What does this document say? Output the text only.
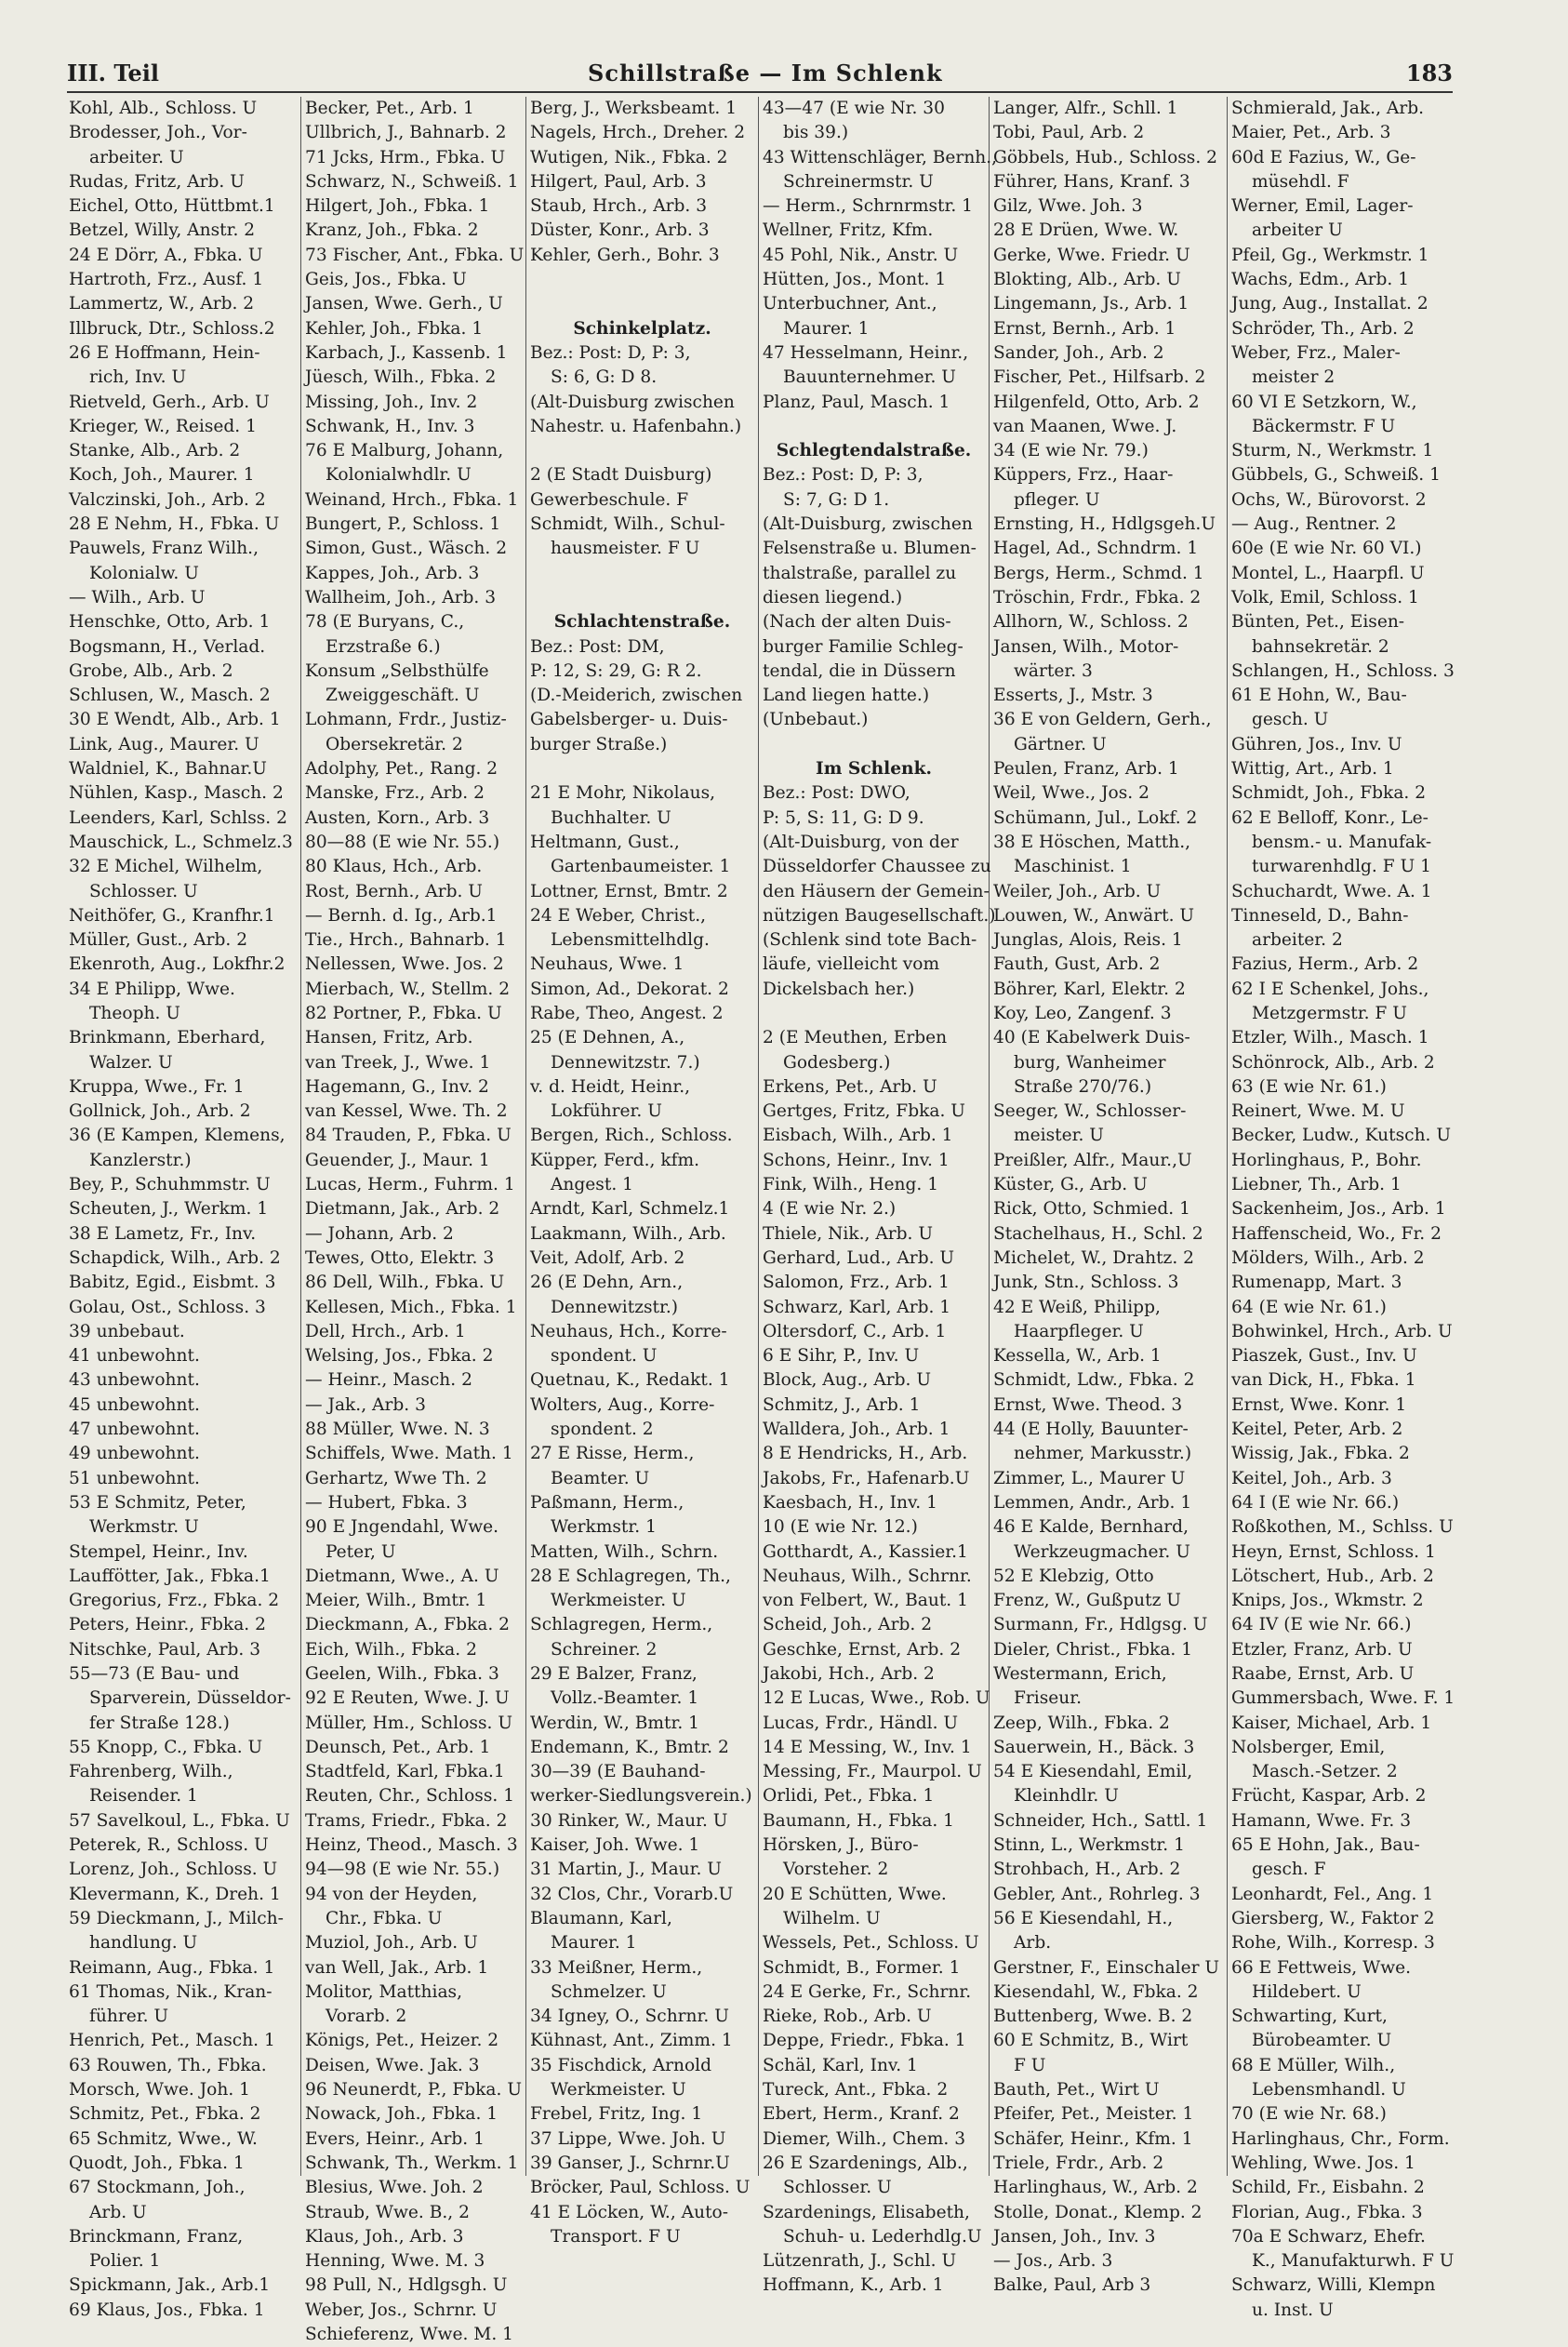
III. Teil	Schillstraße — Im Schlenk	183
Kohl, Alb., Schloss. U
Brodesser, Joh., Vor-
arbeiter. U
Rudas, Fritz, Arb. U
Eichel, Otto, Hüttbmt.1
Betzel, Willy, Anstr. 2
24 E Dörr, A., Fbka. U
Hartroth, Frz., Ausf. 1
Lammertz, W., Arb. 2
Illbruck, Dtr., Schloss.2
26 E Hoffmann, Hein-
rich, Inv. U
Rietveld, Gerh., Arb. U
Krieger, W., Reised. 1
Stanke, Alb., Arb. 2
Koch, Joh., Maurer. 1
Valczinski, Joh., Arb. 2
28 E Nehm, H., Fbka. U
Pauwels, Franz Wilh.,
Kolonialw. U
— Wilh., Arb. U
Henschke, Otto, Arb. 1
Bogsmann, H., Verlad.
Grobe, Alb., Arb. 2
Schlusen, W., Masch. 2
30 E Wendt, Alb., Arb. 1
Link, Aug., Maurer. U
Waldniel, K., Bahnar.U
Nühlen, Kasp., Masch. 2
Leenders, Karl, Schlss. 2
Mauschick, L., Schmelz.3
32 E Michel, Wilhelm,
Schlosser. U
Neithöfer, G., Kranfhr.1
Müller, Gust., Arb. 2
Ekenroth, Aug., Lokfhr.2
34 E Philipp, Wwe.
Theoph. U
Brinkmann, Eberhard,
Walzer. U
Kruppa, Wwe., Fr. 1
Gollnick, Joh., Arb. 2
36 (E Kampen, Klemens,
Kanzlerstr.)
Bey, P., Schuhmmstr. U
Scheuten, J., Werkm. 1
38 E Lametz, Fr., Inv.
Schapdick, Wilh., Arb. 2
Babitz, Egid., Eisbmt. 3
Golau, Ost., Schloss. 3
39 unbebaut.
41 unbewohnt.
43 unbewohnt.
45 unbewohnt.
47 unbewohnt.
49 unbewohnt.
51 unbewohnt.
53 E Schmitz, Peter,
Werkmstr. U
Stempel, Heinr., Inv.
Lauffötter, Jak., Fbka.1
Gregorius, Frz., Fbka. 2
Peters, Heinr., Fbka. 2
Nitschke, Paul, Arb. 3
55—73 (E Bau- und
Sparverein, Düsseldor-
fer Straße 128.)
55 Knopp, C., Fbka. U
Fahrenberg, Wilh.,
Reisender. 1
57 Savelkoul, L., Fbka. U
Peterek, R., Schloss. U
Lorenz, Joh., Schloss. U
Klevermann, K., Dreh. 1
59 Dieckmann, J., Milch-
handlung. U
Reimann, Aug., Fbka. 1
61 Thomas, Nik., Kran-
führer. U
Henrich, Pet., Masch. 1
63 Rouwen, Th., Fbka.
Morsch, Wwe. Joh. 1
Schmitz, Pet., Fbka. 2
65 Schmitz, Wwe., W.
Quodt, Joh., Fbka. 1
67 Stockmann, Joh.,
Arb. U
Brinckmann, Franz,
Polier. 1
Spickmann, Jak., Arb.1
69 Klaus, Jos., Fbka. 1
Becker, Pet., Arb. 1
Ullbrich, J., Bahnarb. 2
71 Jcks, Hrm., Fbka. U
Schwarz, N., Schweiß. 1
Hilgert, Joh., Fbka. 1
Kranz, Joh., Fbka. 2
73 Fischer, Ant., Fbka. U
Geis, Jos., Fbka. U
Jansen, Wwe. Gerh., U
Kehler, Joh., Fbka. 1
Karbach, J., Kassenb. 1
Jüesch, Wilh., Fbka. 2
Missing, Joh., Inv. 2
Schwank, H., Inv. 3
76 E Malburg, Johann,
Kolonialwhdlr. U
Weinand, Hrch., Fbka. 1
Bungert, P., Schloss. 1
Simon, Gust., Wäsch. 2
Kappes, Joh., Arb. 3
Wallheim, Joh., Arb. 3
78 (E Buryans, C.,
Erzstraße 6.)
Konsum „Selbsthülfe
Zweiggeschäft. U
Lohmann, Frdr., Justiz-
Obersekretär. 2
Adolphy, Pet., Rang. 2
Manske, Frz., Arb. 2
Austen, Korn., Arb. 3
80—88 (E wie Nr. 55.)
80 Klaus, Hch., Arb.
Rost, Bernh., Arb. U
— Bernh. d. Ig., Arb.1
Tie., Hrch., Bahnarb. 1
Nellessen, Wwe. Jos. 2
Mierbach, W., Stellm. 2
82 Portner, P., Fbka. U
Hansen, Fritz, Arb.
van Treek, J., Wwe. 1
Hagemann, G., Inv. 2
van Kessel, Wwe. Th. 2
84 Trauden, P., Fbka. U
Geuender, J., Maur. 1
Lucas, Herm., Fuhrm. 1
Dietmann, Jak., Arb. 2
— Johann, Arb. 2
Tewes, Otto, Elektr. 3
86 Dell, Wilh., Fbka. U
Kellesen, Mich., Fbka. 1
Dell, Hrch., Arb. 1
Welsing, Jos., Fbka. 2
— Heinr., Masch. 2
— Jak., Arb. 3
88 Müller, Wwe. N. 3
Schiffels, Wwe. Math. 1
Gerhartz, Wwe Th. 2
— Hubert, Fbka. 3
90 E Jngendahl, Wwe.
Peter, U
Dietmann, Wwe., A. U
Meier, Wilh., Bmtr. 1
Dieckmann, A., Fbka. 2
Eich, Wilh., Fbka. 2
Geelen, Wilh., Fbka. 3
92 E Reuten, Wwe. J. U
Müller, Hm., Schloss. U
Deunsch, Pet., Arb. 1
Stadtfeld, Karl, Fbka.1
Reuten, Chr., Schloss. 1
Trams, Friedr., Fbka. 2
Heinz, Theod., Masch. 3
94—98 (E wie Nr. 55.)
94 von der Heyden,
Chr., Fbka. U
Muziol, Joh., Arb. U
van Well, Jak., Arb. 1
Molitor, Matthias,
Vorarb. 2
Königs, Pet., Heizer. 2
Deisen, Wwe. Jak. 3
96 Neunerdt, P., Fbka. U
Nowack, Joh., Fbka. 1
Evers, Heinr., Arb. 1
Schwank, Th., Werkm. 1
Blesius, Wwe. Joh. 2
Straub, Wwe. B., 2
Klaus, Joh., Arb. 3
Henning, Wwe. M. 3
98 Pull, N., Hdlgsgh. U
Weber, Jos., Schrnr. U
Schieferenz, Wwe. M. 1
Berg, J., Werksbeamt. 1
Nagels, Hrch., Dreher. 2
Wutigen, Nik., Fbka. 2
Hilgert, Paul, Arb. 3
Staub, Hrch., Arb. 3
Düster, Konr., Arb. 3
Kehler, Gerh., Bohr. 3

Schinkelplatz.
Bez.: Post: D, P: 3,
S: 6, G: D 8.
(Alt-Duisburg zwischen
Nahestr. u. Hafenbahn.)

2 (E Stadt Duisburg)
Gewerbeschule. F
Schmidt, Wilh., Schul-
hausmeister. F U

Schlachtenstraße.
Bez.: Post: DM,
P: 12, S: 29, G: R 2.
(D.-Meiderich, zwischen
Gabelsberger- u. Duis-
burger Straße.)

21 E Mohr, Nikolaus,
Buchhalter. U
Heltmann, Gust.,
Gartenbaumeister. 1
Lottner, Ernst, Bmtr. 2
24 E Weber, Christ.,
Lebensmittelhdlg.
Neuhaus, Wwe. 1
Simon, Ad., Dekorat. 2
Rabe, Theo, Angest. 2
25 (E Dehnen, A.,
Dennewitzstr. 7.)
v. d. Heidt, Heinr.,
Lokführer. U
Bergen, Rich., Schloss.
Küpper, Ferd., kfm.
Angest. 1
Arndt, Karl, Schmelz.1
Laakmann, Wilh., Arb.
Veit, Adolf, Arb. 2
26 (E Dehn, Arn.,
Dennewitzstr.)
Neuhaus, Hch., Korre-
spondent. U
Quetnau, K., Redakt. 1
Wolters, Aug., Korre-
spondent. 2
27 E Risse, Herm.,
Beamter. U
Paßmann, Herm.,
Werkmstr. 1
Matten, Wilh., Schrn.
28 E Schlagregen, Th.,
Werkmeister. U
Schlagregen, Herm.,
Schreiner. 2
29 E Balzer, Franz,
Vollz.-Beamter. 1
Werdin, W., Bmtr. 1
Endemann, K., Bmtr. 2
30—39 (E Bauhand-
werker-Siedlungsverein.)
30 Rinker, W., Maur. U
Kaiser, Joh. Wwe. 1
31 Martin, J., Maur. U
32 Clos, Chr., Vorarb.U
Blaumann, Karl,
Maurer. 1
33 Meißner, Herm.,
Schmelzer. U
34 Igney, O., Schrnr. U
Kühnast, Ant., Zimm. 1
35 Fischdick, Arnold
Werkmeister. U
Frebel, Fritz, Ing. 1
37 Lippe, Wwe. Joh. U
39 Ganser, J., Schrnr.U
Bröcker, Paul, Schloss. U
41 E Löcken, W., Auto-
Transport. F U
43—47 (E wie Nr. 30
bis 39.)
43 Wittenschläger, Bernh.,
Schreinermstr. U
— Herm., Schrnrmstr. 1
Wellner, Fritz, Kfm.
45 Pohl, Nik., Anstr. U
Hütten, Jos., Mont. 1
Unterbuchner, Ant.,
Maurer. 1
47 Hesselmann, Heinr.,
Bauunternehmer. U
Planz, Paul, Masch. 1

Schlegtendalstraße.
Bez.: Post: D, P: 3,
S: 7, G: D 1.
(Alt-Duisburg, zwischen
Felsenstraße u. Blumen-
thalstraße, parallel zu
diesen liegend.)
(Nach der alten Duis-
burger Familie Schleg-
tendal, die in Düssern
Land liegen hatte.)
(Unbebaut.)

Im Schlenk.
Bez.: Post: DWO,
P: 5, S: 11, G: D 9.
(Alt-Duisburg, von der
Düsseldorfer Chaussee zu
den Häusern der Gemein-
nützigen Baugesellschaft.)
(Schlenk sind tote Bach-
läufe, vielleicht vom
Dickelsbach her.)

2 (E Meuthen, Erben
Godesberg.)
Erkens, Pet., Arb. U
Gertges, Fritz, Fbka. U
Eisbach, Wilh., Arb. 1
Schons, Heinr., Inv. 1
Fink, Wilh., Heng. 1
4 (E wie Nr. 2.)
Thiele, Nik., Arb. U
Gerhard, Lud., Arb. U
Salomon, Frz., Arb. 1
Schwarz, Karl, Arb. 1
Oltersdorf, C., Arb. 1
6 E Sihr, P., Inv. U
Block, Aug., Arb. U
Schmitz, J., Arb. 1
Walldera, Joh., Arb. 1
8 E Hendricks, H., Arb.
Jakobs, Fr., Hafenarb.U
Kaesbach, H., Inv. 1
10 (E wie Nr. 12.)
Gotthardt, A., Kassier.1
Neuhaus, Wilh., Schrnr.
von Felbert, W., Baut. 1
Scheid, Joh., Arb. 2
Geschke, Ernst, Arb. 2
Jakobi, Hch., Arb. 2
12 E Lucas, Wwe., Rob. U
Lucas, Frdr., Händl. U
14 E Messing, W., Inv. 1
Messing, Fr., Maurpol. U
Orlidi, Pet., Fbka. 1
Baumann, H., Fbka. 1
Hörsken, J., Büro-
Vorsteher. 2
20 E Schütten, Wwe.
Wilhelm. U
Wessels, Pet., Schloss. U
Schmidt, B., Former. 1
24 E Gerke, Fr., Schrnr.
Rieke, Rob., Arb. U
Deppe, Friedr., Fbka. 1
Schäl, Karl, Inv. 1
Tureck, Ant., Fbka. 2
Ebert, Herm., Kranf. 2
Diemer, Wilh., Chem. 3
26 E Szardenings, Alb.,
Schlosser. U
Szardenings, Elisabeth,
Schuh- u. Lederhdlg.U
Lützenrath, J., Schl. U
Hoffmann, K., Arb. 1
Langer, Alfr., Schll. 1
Tobi, Paul, Arb. 2
Göbbels, Hub., Schloss. 2
Führer, Hans, Kranf. 3
Gilz, Wwe. Joh. 3
28 E Drüen, Wwe. W.
Gerke, Wwe. Friedr. U
Blokting, Alb., Arb. U
Lingemann, Js., Arb. 1
Ernst, Bernh., Arb. 1
Sander, Joh., Arb. 2
Fischer, Pet., Hilfsarb. 2
Hilgenfeld, Otto, Arb. 2
van Maanen, Wwe. J.
34 (E wie Nr. 79.)
Küppers, Frz., Haar-
pfleger. U
Ernsting, H., Hdlgsgeh.U
Hagel, Ad., Schndrm. 1
Bergs, Herm., Schmd. 1
Tröschin, Frdr., Fbka. 2
Allhorn, W., Schloss. 2
Jansen, Wilh., Motor-
wärter. 3
Esserts, J., Mstr. 3
36 E von Geldern, Gerh.,
Gärtner. U
Peulen, Franz, Arb. 1
Weil, Wwe., Jos. 2
Schümann, Jul., Lokf. 2
38 E Höschen, Matth.,
Maschinist. 1
Weiler, Joh., Arb. U
Louwen, W., Anwärt. U
Junglas, Alois, Reis. 1
Fauth, Gust, Arb. 2
Böhrer, Karl, Elektr. 2
Koy, Leo, Zangenf. 3
40 (E Kabelwerk Duis-
burg, Wanheimer
Straße 270/76.)
Seeger, W., Schlosser-
meister. U
Preißler, Alfr., Maur.,U
Küster, G., Arb. U
Rick, Otto, Schmied. 1
Stachelhaus, H., Schl. 2
Michelet, W., Drahtz. 2
Junk, Stn., Schloss. 3
42 E Weiß, Philipp,
Haarpfleger. U
Kessella, W., Arb. 1
Schmidt, Ldw., Fbka. 2
Ernst, Wwe. Theod. 3
44 (E Holly, Bauunter-
nehmer, Markusstr.)
Zimmer, L., Maurer U
Lemmen, Andr., Arb. 1
46 E Kalde, Bernhard,
Werkzeugmacher. U
52 E Klebzig, Otto
Frenz, W., Gußputz U
Surmann, Fr., Hdlgsg. U
Dieler, Christ., Fbka. 1
Westermann, Erich,
Friseur.
Zeep, Wilh., Fbka. 2
Sauerwein, H., Bäck. 3
54 E Kiesendahl, Emil,
Kleinhdlr. U
Schneider, Hch., Sattl. 1
Stinn, L., Werkmstr. 1
Strohbach, H., Arb. 2
Gebler, Ant., Rohrleg. 3
56 E Kiesendahl, H.,
Arb.
Gerstner, F., Einschaler U
Kiesendahl, W., Fbka. 2
Buttenberg, Wwe. B. 2
60 E Schmitz, B., Wirt
F U
Bauth, Pet., Wirt U
Pfeifer, Pet., Meister. 1
Schäfer, Heinr., Kfm. 1
Triele, Frdr., Arb. 2
Harlinghaus, W., Arb. 2
Stolle, Donat., Klemp. 2
Jansen, Joh., Inv. 3
— Jos., Arb. 3
Balke, Paul, Arb 3
Schmierald, Jak., Arb.
Maier, Pet., Arb. 3
60d E Fazius, W., Ge-
müsehdl. F
Werner, Emil, Lager-
arbeiter U
Pfeil, Gg., Werkmstr. 1
Wachs, Edm., Arb. 1
Jung, Aug., Installat. 2
Schröder, Th., Arb. 2
Weber, Frz., Maler-
meister 2
60 VI E Setzkorn, W.,
Bäckermstr. F U
Sturm, N., Werkmstr. 1
Gübbels, G., Schweiß. 1
Ochs, W., Bürovorst. 2
— Aug., Rentner. 2
60e (E wie Nr. 60 VI.)
Montel, L., Haarpfl. U
Volk, Emil, Schloss. 1
Bünten, Pet., Eisen-
bahnsekretär. 2
Schlangen, H., Schloss. 3
61 E Hohn, W., Bau-
gesch. U
Gühren, Jos., Inv. U
Wittig, Art., Arb. 1
Schmidt, Joh., Fbka. 2
62 E Belloff, Konr., Le-
bensm.- u. Manufak-
turwarenhdlg. F U 1
Schuchardt, Wwe. A. 1
Tinneseld, D., Bahn-
arbeiter. 2
Fazius, Herm., Arb. 2
62 I E Schenkel, Johs.,
Metzgermstr. F U
Etzler, Wilh., Masch. 1
Schönrock, Alb., Arb. 2
63 (E wie Nr. 61.)
Reinert, Wwe. M. U
Becker, Ludw., Kutsch. U
Horlinghaus, P., Bohr.
Liebner, Th., Arb. 1
Sackenheim, Jos., Arb. 1
Haffenscheid, Wo., Fr. 2
Mölders, Wilh., Arb. 2
Rumenapp, Mart. 3
64 (E wie Nr. 61.)
Bohwinkel, Hrch., Arb. U
Piaszek, Gust., Inv. U
van Dick, H., Fbka. 1
Ernst, Wwe. Konr. 1
Keitel, Peter, Arb. 2
Wissig, Jak., Fbka. 2
Keitel, Joh., Arb. 3
64 I (E wie Nr. 66.)
Roßkothen, M., Schlss. U
Heyn, Ernst, Schloss. 1
Lötschert, Hub., Arb. 2
Knips, Jos., Wkmstr. 2
64 IV (E wie Nr. 66.)
Etzler, Franz, Arb. U
Raabe, Ernst, Arb. U
Gummersbach, Wwe. F. 1
Kaiser, Michael, Arb. 1
Nolsberger, Emil,
Masch.-Setzer. 2
Frücht, Kaspar, Arb. 2
Hamann, Wwe. Fr. 3
65 E Hohn, Jak., Bau-
gesch. F
Leonhardt, Fel., Ang. 1
Giersberg, W., Faktor 2
Rohe, Wilh., Korresp. 3
66 E Fettweis, Wwe.
Hildebert. U
Schwarting, Kurt,
Bürobeamter. U
68 E Müller, Wilh.,
Lebensmhandl. U
70 (E wie Nr. 68.)
Harlinghaus, Chr., Form.
Wehling, Wwe. Jos. 1
Schild, Fr., Eisbahn. 2
Florian, Aug., Fbka. 3
70a E Schwarz, Ehefr.
K., Manufakturwh. F U
Schwarz, Willi, Klempn
u. Inst. U
